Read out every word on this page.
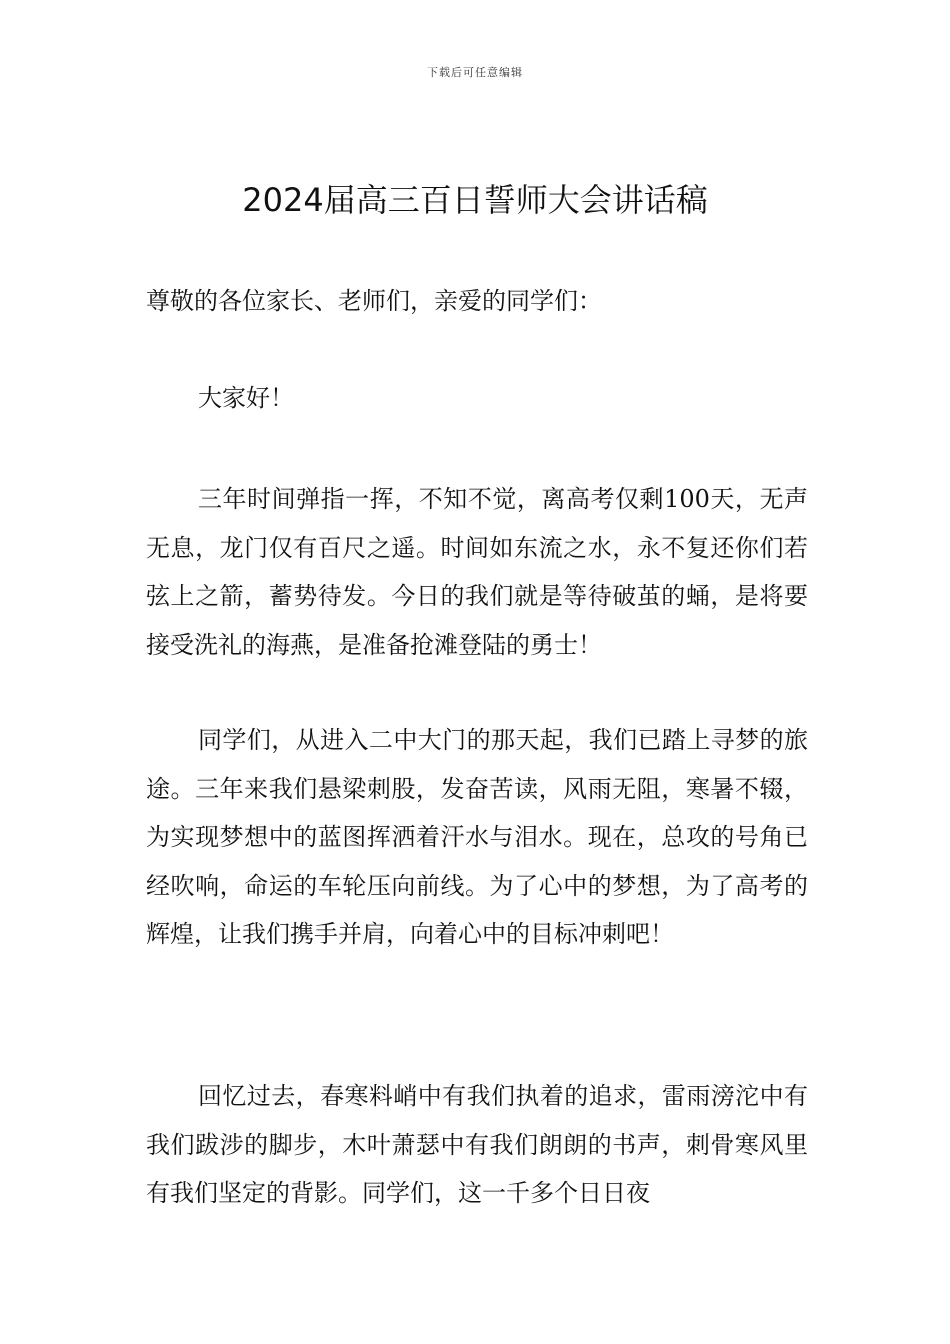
下载后可任意编辑
2024届高三百日誓师大会讲话稿

尊敬的各位家长、老师们，亲爱的同学们：

大家好！

三年时间弹指一挥，不知不觉，离高考仅剩100天，无声无息，龙门仅有百尺之遥。时间如东流之水，永不复还你们若弦上之箭，蓄势待发。今日的我们就是等待破茧的蛹，是将要接受洗礼的海燕，是准备抢滩登陆的勇士！

同学们，从进入二中大门的那天起，我们已踏上寻梦的旅途。三年来我们悬梁刺股，发奋苦读，风雨无阻，寒暑不辍，为实现梦想中的蓝图挥洒着汗水与泪水。现在，总攻的号角已经吹响，命运的车轮压向前线。为了心中的梦想，为了高考的辉煌，让我们携手并肩，向着心中的目标冲刺吧！

回忆过去，春寒料峭中有我们执着的追求，雷雨滂沱中有我们跋涉的脚步，木叶萧瑟中有我们朗朗的书声，刺骨寒风里有我们坚定的背影。同学们，这一千多个日日夜
